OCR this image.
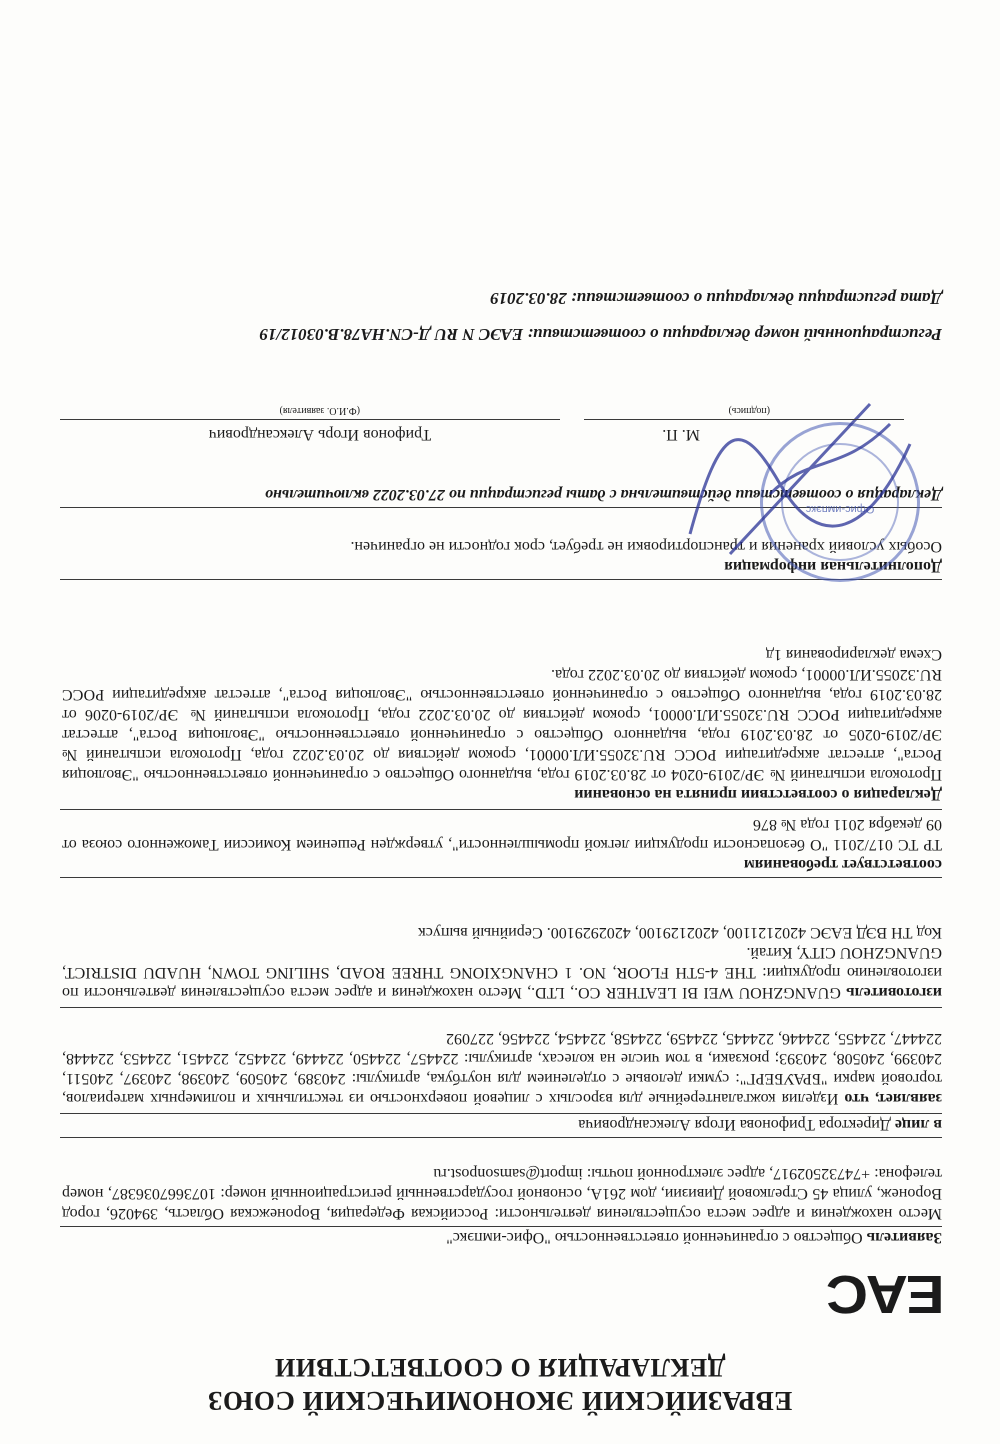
ЕВРАЗИЙСКИЙ ЭКОНОМИЧЕСКИЙ СОЮЗ
ДЕКЛАРАЦИЯ О СООТВЕТСТВИИ
EAC
Заявитель Общество с ограниченной ответственностью "Офис-импэкс"
Место нахождения и адрес места осуществления деятельности: Российская Федерация, Воронежская Область, 394026, город Воронеж, улица 45 Стрелковой Дивизии, дом 261А, основной государственный регистрационный номер: 1073667036387, номер телефона: +74732502917, адрес электронной почты: import@samsonpost.ru
в лице Директора Трифонова Игоря Александровича
заявляет, что Изделия кожгалантерейные для взрослых с лицевой поверхностью из текстильных и полимерных материалов, торговой марки "БРАУБЕРГ": сумки деловые с отделением для ноутбука, артикулы: 240389, 240509, 240398, 240397, 240511, 240399, 240508, 240393; рюкзаки, в том числе на колесах, артикулы: 224457, 224450, 224449, 224452, 224451, 224453, 224448, 224447, 224455, 224446, 224445, 224459, 224458, 224454, 224456, 227092
изготовитель GUANGZHOU WEI BI LEATHER CO., LTD., Место нахождения и адрес места осуществления деятельности по изготовлению продукции: THE 4-5TH FLOOR, NO. 1 CHANGXIONG THREE ROAD, SHILING TOWN, HUADU DISTRICT, GUANGZHOU CITY, Китай.
Код ТН ВЭД ЕАЭС 4202121100, 4202129100, 4202929100. Серийный выпуск
соответствует требованиям
ТР ТС 017/2011 "О безопасности продукции легкой промышленности", утвержден Решением Комиссии Таможенного союза от 09 декабря 2011 года № 876
Декларация о соответствии принята на основании
Протокола испытаний № ЭР/2019-0204 от 28.03.2019 года, выданного Общество с ограниченной ответственностью "Эволюция Роста", аттестат аккредитации РОСС RU.32055.ИЛ.00001, сроком действия до 20.03.2022 года, Протокола испытаний № ЭР/2019-0205 от 28.03.2019 года, выданного Общество с ограниченной ответственностью "Эволюция Роста", аттестат аккредитации РОСС RU.32055.ИЛ.00001, сроком действия до 20.03.2022 года, Протокола испытаний № ЭР/2019-0206 от 28.03.2019 года, выданного Общество с ограниченной ответственностью "Эволюция Роста", аттестат аккредитации РОСС RU.32055.ИЛ.00001, сроком действия до 20.03.2022 года.
Схема декларирования 1д
Дополнительная информация
Особых условий хранения и транспортировки не требует, срок годности не ограничен.
Декларация о соответствии действительна с даты регистрации по 27.03.2022 включительно
Офис-импэкс
Трифонов Игорь Александрович	М. П.
(подпись)
(Ф.И.О. заявителя)
Регистрационный номер декларации о соответствии: ЕАЭС N RU Д-CN.НА78.В.03012/19
Дата регистрации декларации о соответствии: 28.03.2019
